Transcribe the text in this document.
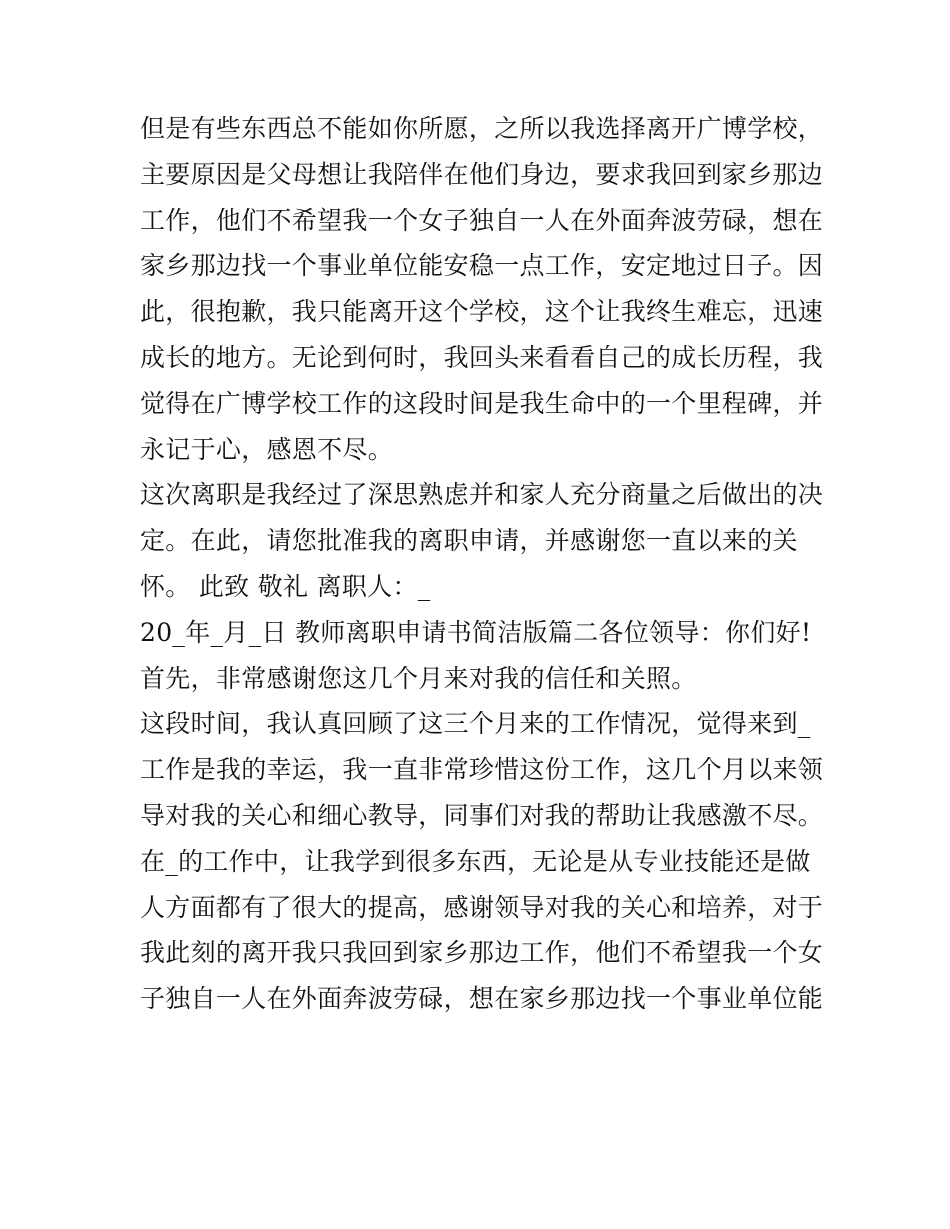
但是有些东西总不能如你所愿，之所以我选择离开广博学校，
主要原因是父母想让我陪伴在他们身边，要求我回到家乡那边
工作，他们不希望我一个女子独自一人在外面奔波劳碌，想在
家乡那边找一个事业单位能安稳一点工作，安定地过日子。因
此，很抱歉，我只能离开这个学校，这个让我终生难忘，迅速
成长的地方。无论到何时，我回头来看看自己的成长历程，我
觉得在广博学校工作的这段时间是我生命中的一个里程碑，并
永记于心，感恩不尽。
这次离职是我经过了深思熟虑并和家人充分商量之后做出的决
定。在此，请您批准我的离职申请，并感谢您一直以来的关
怀。 此致 敬礼 离职人：_
20_年_月_日 教师离职申请书简洁版篇二各位领导：你们好!
首先，非常感谢您这几个月来对我的信任和关照。
这段时间，我认真回顾了这三个月来的工作情况，觉得来到_
工作是我的幸运，我一直非常珍惜这份工作，这几个月以来领
导对我的关心和细心教导，同事们对我的帮助让我感激不尽。
在_的工作中，让我学到很多东西，无论是从专业技能还是做
人方面都有了很大的提高，感谢领导对我的关心和培养，对于
我此刻的离开我只我回到家乡那边工作，他们不希望我一个女
子独自一人在外面奔波劳碌，想在家乡那边找一个事业单位能
